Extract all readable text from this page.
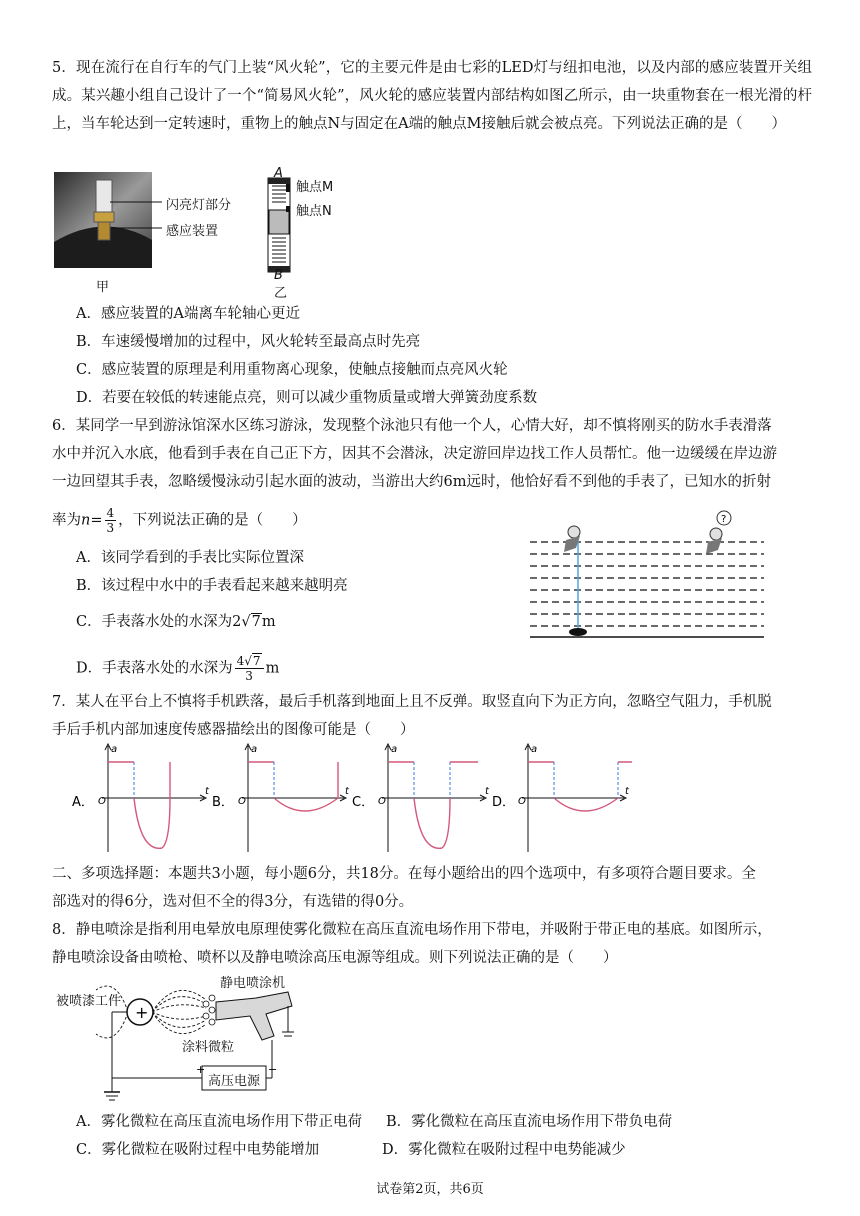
5．现在流行在自行车的气门上装“风火轮”，它的主要元件是由七彩的LED灯与纽扣电池，以及内部的感应装置开关组成。某兴趣小组自己设计了一个“简易风火轮”，风火轮的感应装置内部结构如图乙所示，由一块重物套在一根光滑的杆上，当车轮达到一定转速时，重物上的触点N与固定在A端的触点M接触后就会被点亮。下列说法正确的是（　　）
闪亮灯部分
感应装置
甲
A
触点M
触点N
B
乙
A．感应装置的A端离车轮轴心更近
B．车速缓慢增加的过程中，风火轮转至最高点时先亮
C．感应装置的原理是利用重物离心现象，使触点接触而点亮风火轮
D．若要在较低的转速能点亮，则可以减少重物质量或增大弹簧劲度系数
6．某同学一早到游泳馆深水区练习游泳，发现整个泳池只有他一个人，心情大好，却不慎将刚买的防水手表滑落
水中并沉入水底，他看到手表在自己正下方，因其不会潜泳，决定游回岸边找工作人员帮忙。他一边缓缓在岸边游
一边回望其手表，忽略缓慢泳动引起水面的波动，当游出大约6m远时，他恰好看不到他的手表了，已知水的折射
率为$n= \frac{4}{3}$ ，下列说法正确的是（　　）
A．该同学看到的手表比实际位置深
B．该过程中水中的手表看起来越来越明亮
C．手表落水处的水深为2√7m
D．手表落水处的水深为 $\frac{4√7}{3}$ m
?
7．某人在平台上不慎将手机跌落，最后手机落到地面上且不反弹。取竖直向下为正方向，忽略空气阻力，手机脱
手后手机内部加速度传感器描绘出的图像可能是（　　）
A．
a
t
O	B．
a
t
O	C．
a
t
O	D．
a
t
O
二、多项选择题：本题共3小题，每小题6分，共18分。在每小题给出的四个选项中，有多项符合题目要求。全
部选对的得6分，选对但不全的得3分，有选错的得0分。
8．静电喷涂是指利用电晕放电原理使雾化微粒在高压直流电场作用下带电，并吸附于带正电的基底。如图所示，
静电喷涂设备由喷枪、喷杯以及静电喷涂高压电源等组成。则下列说法正确的是（　　）
+
+	−
被喷漆工件
静电喷涂机
涂料微粒
高压电源
A．雾化微粒在高压直流电场作用下带正电荷 B．雾化微粒在高压直流电场作用下带负电荷
C．雾化微粒在吸附过程中电势能增加	D．雾化微粒在吸附过程中电势能减少
试卷第2页，共6页
